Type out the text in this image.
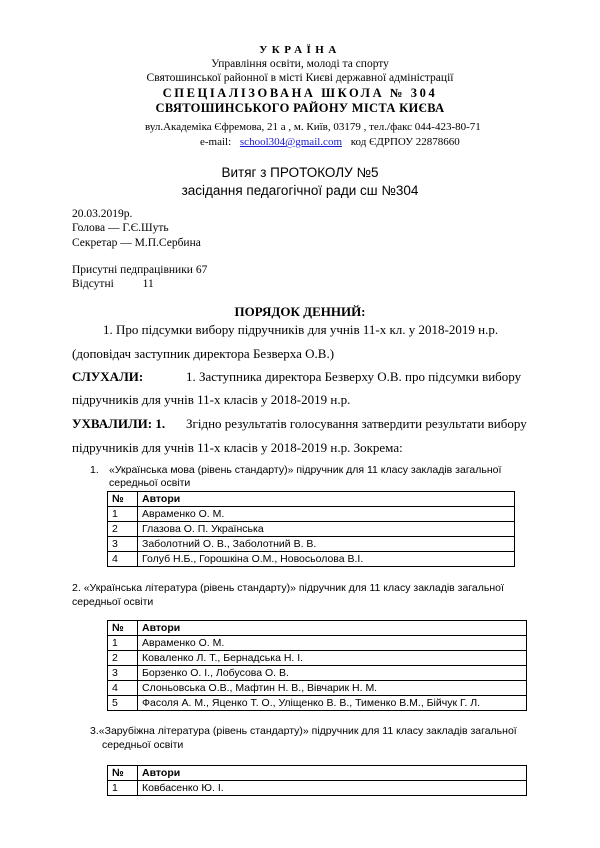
УКРАЇНА
Управління освіти, молоді та спорту
Святошинської районної в місті Києві державної адміністрації
СПЕЦІАЛІЗОВАНА ШКОЛА № 304
СВЯТОШИНСЬКОГО РАЙОНУ МІСТА КИЄВА
вул.Академіка Єфремова, 21 а , м. Київ, 03179 , тел./факс 044-423-80-71
e-mail: school304@gmail.com код ЄДРПОУ 22878660
Витяг з ПРОТОКОЛУ №5
засідання педагогічної ради сш №304
20.03.2019р.
Голова — Г.Є.Шуть
Секретар — М.П.Сербина
Присутні педпрацівники 67
Відсутні	11
ПОРЯДОК ДЕННИЙ:
1. Про підсумки вибору підручників для учнів 11-х кл. у 2018-2019 н.р.
(доповідач заступник директора Безверха О.В.)
СЛУХАЛИ:	1. Заступника директора Безверху О.В. про підсумки вибору
підручників для учнів 11-х класів у 2018-2019 н.р.
УХВАЛИЛИ: 1. Згідно результатів голосування затвердити результати вибору
підручників для учнів 11-х класів у 2018-2019 н.р. Зокрема:
1. «Українська мова (рівень стандарту)» підручник для 11 класу закладів загальної
середньої освіти
№	Автори
1	Авраменко О. М.
2	Глазова О. П. Українська
3	Заболотний О. В., Заболотний В. В.
4	Голуб Н.Б., Горошкіна О.М., Новосьолова В.І.
2. «Українська література (рівень стандарту)» підручник для 11 класу закладів загальної
середньої освіти
№	Автори
1	Авраменко О. М.
2	Коваленко Л. Т., Бернадська Н. І.
3	Борзенко О. І., Лобусова О. В.
4	Слоньовська О.В., Мафтин Н. В., Вівчарик Н. М.
5	Фасоля А. М., Яценко Т. О., Уліщенко В. В., Тименко В.М., Бійчук Г. Л.
3.«Зарубіжна література (рівень стандарту)» підручник для 11 класу закладів загальної
середньої освіти
№	Автори
1	Ковбасенко Ю. І.
